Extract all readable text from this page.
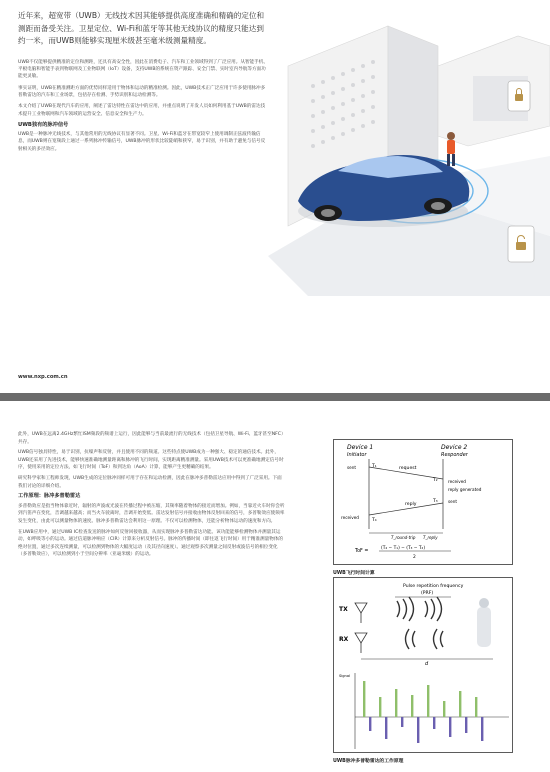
近年来，超宽带（UWB）无线技术因其能够提供高度准确和精确的定位和测距而备受关注。卫星定位、Wi-Fi和蓝牙等其他无线协议的精度只能达到约一米，而UWB则能够实现厘米级甚至毫米级测量精度。

UWB不仅能够提供精准的定位和测距，还具有高安全性，因此在消费电子、汽车和工业领域得到了广泛应用。从智能手机、平板电脑和智能手表到物联网及工业物联网（IoT）设备，支持UWB的系统在资产跟踪、安全门禁、实时室内导航等方面功能更灵敏。

事实证明，UWB在精准测距方面的优势同样适用于物体和运动的精准检测。因此，UWB技术正广泛应用于许多使用脉冲多普勒雷达的汽车和工业场景，包括存在检测、手势识别和运动检测等。

本文介绍了UWB在现代汽车的应用，阐述了雷达特性在雷达中的应用，并重点说明了开发人员如何利用基于UWB的雷达技术提升工业物联网和汽车领域的运营安全、信息安全和生产力。

UWB独有的脉冲信号

UWB是一种脉冲无线技术，与其他常用的无线协议有显著不同。卫星、Wi-Fi和蓝牙在带宽较窄上使用调制正弦波传输信息，而UWB则在宽频段上通过一系列脉冲传输信号，UWB脉冲的形状比较陡峭和狭窄，易于识别，并有助于避免与信号反射相关的多径效应。

www.nxp.com.cn

此外，UWB在远离2.4GHz繁忙ISM频段的频谱上运行，因此能够与当前最流行的无线技术（包括卫星导航、Wi-Fi、蓝牙甚至NFC）共存。

UWB信号独具特性，易于识别，抗噪声和反射，并且使用不同的频道。这些特点使UWB成为一种强大、稳定的通信技术。此外，UWB还采用了先进技术，能够快速准确地测量距离和脉冲的飞行时间，实现距离精准测量。采用UWB技术可以更准确地测定信号时序，使用采用的定位方法，如飞行时间（ToF）和到达角（AoA）计算，能够产生更精确的结果。

研究科学家和工程师发现，UWB生成的定位脉冲同样可用于存在和运动检测，因此在脉冲多普勒雷达应用中得到了广泛采用。下面我们讨论的详细介绍。

工作原理：脉冲多普勒雷达

多普勒效应是指当物体靠近时，辐射的声波或光波在传播过程中被压缩，其频率随着物体的接近而增加。例如，当靠近火车时你会听到汽笛声在变化，音调越来越高；而当火车驶离时，音调开始变低。雷达发射信号并接收由物体反射回来的信号，多普勒效应使频率发生变化，由此可以测量物体的速度。脉冲多普勒雷达会利用这一原理。不仅可以检测物体，还能分析物体运动的速度和方向。

在UWB应用中，通过UWB IC检查发送的脉冲如何反射回接收器，从而实现脉冲多普勒雷达功能。该功能能够检测物体并测量其运动，如呼吸等小的运动。通过信道脉冲响应（CIR）计算来分析反射信号。脉冲的传播时间（即往返飞行时间）用于精准测量物体的绝对位置，通过多次连续测量，可以检测到物体的大幅度运动（及其径向速度）。通过观察多次测量之间反射或波信号的相位变化（多普勒效应），可以检测到小于空间分辨率（亚毫米级）的运动。

Device 1
Initiator
Device 2
Responder
request
reply
T₁
T₂
T₃
T₄
sent
received
received
reply generated
sent
T_round-trip T_reply
ToF =
(T₄ − T₁) − (T₃ − T₂)
2
UWB飞行时间计算
Pulse repetition frequency
(PRF)
TX
RX
d
Signal
UWB脉冲多普勒雷达的工作原理
